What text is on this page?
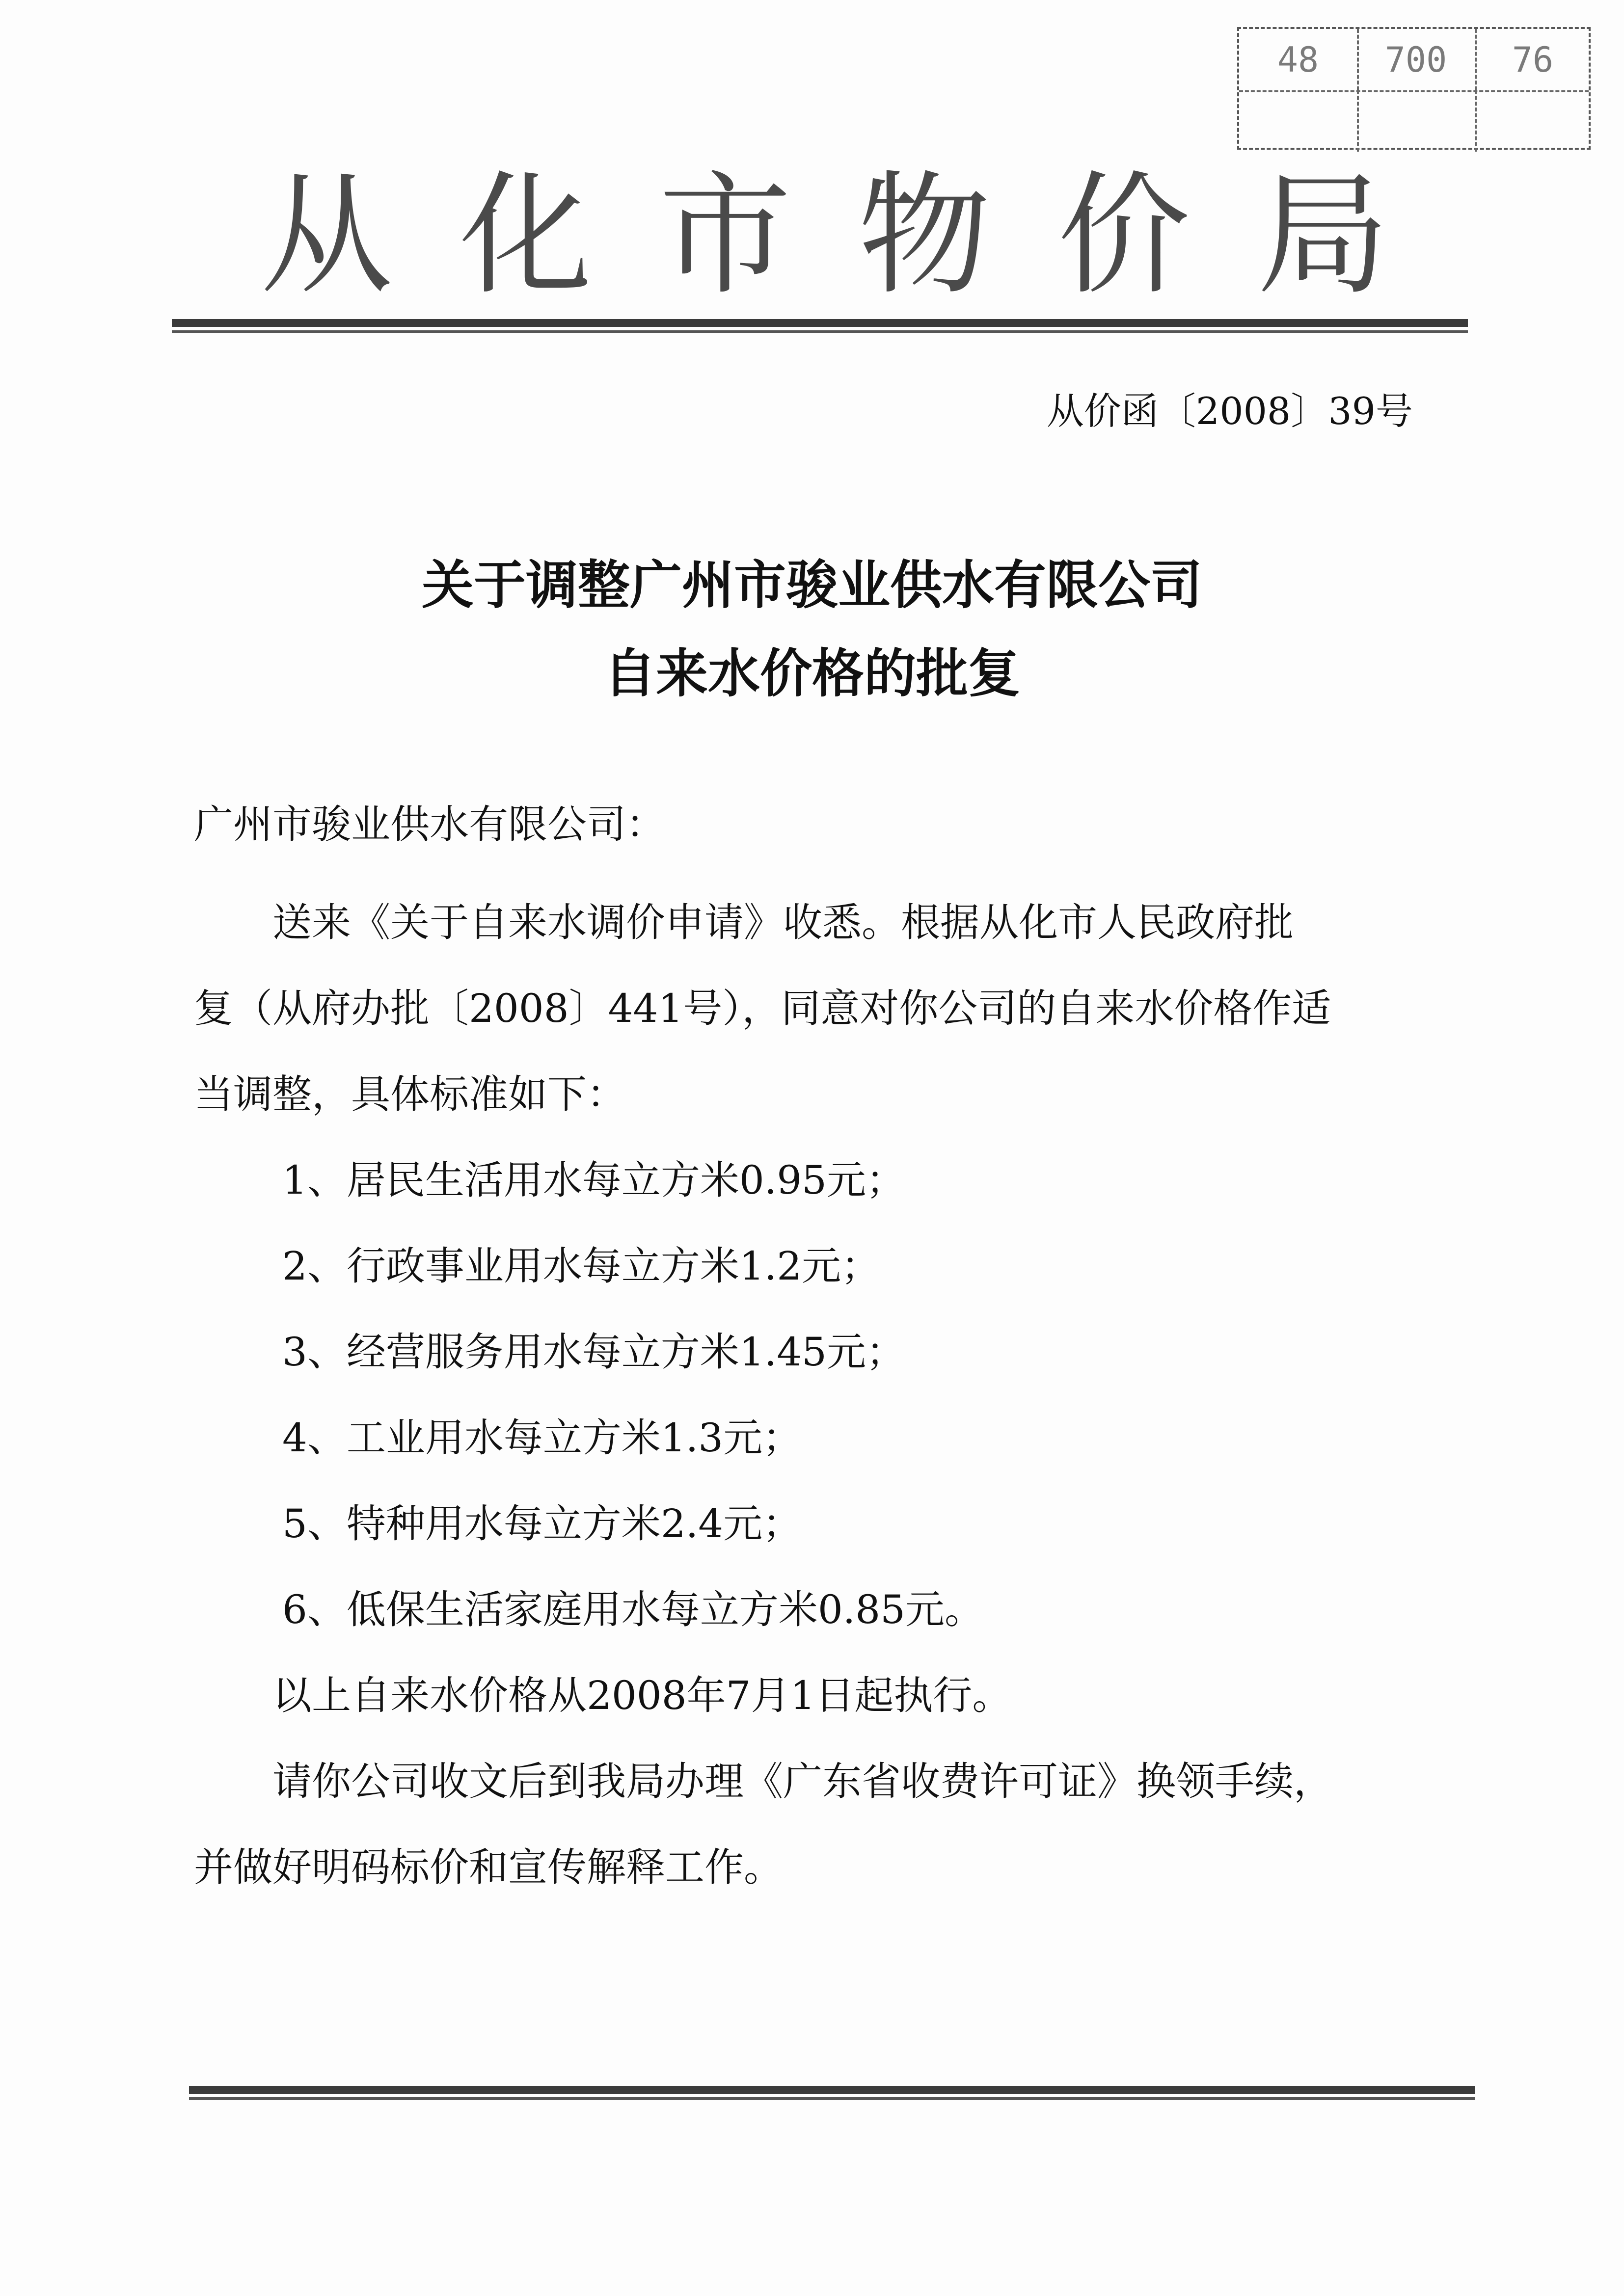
48	700	76
从 化 市 物 价 局
从价函〔2008〕39号
关于调整广州市骏业供水有限公司
自来水价格的批复
广州市骏业供水有限公司：
送来《关于自来水调价申请》收悉。根据从化市人民政府批
复（从府办批〔2008〕441号），同意对你公司的自来水价格作适
当调整，具体标准如下：
1、居民生活用水每立方米0.95元；
2、行政事业用水每立方米1.2元；
3、经营服务用水每立方米1.45元；
4、工业用水每立方米1.3元；
5、特种用水每立方米2.4元；
6、低保生活家庭用水每立方米0.85元。
以上自来水价格从2008年7月1日起执行。
请你公司收文后到我局办理《广东省收费许可证》换领手续，
并做好明码标价和宣传解释工作。
